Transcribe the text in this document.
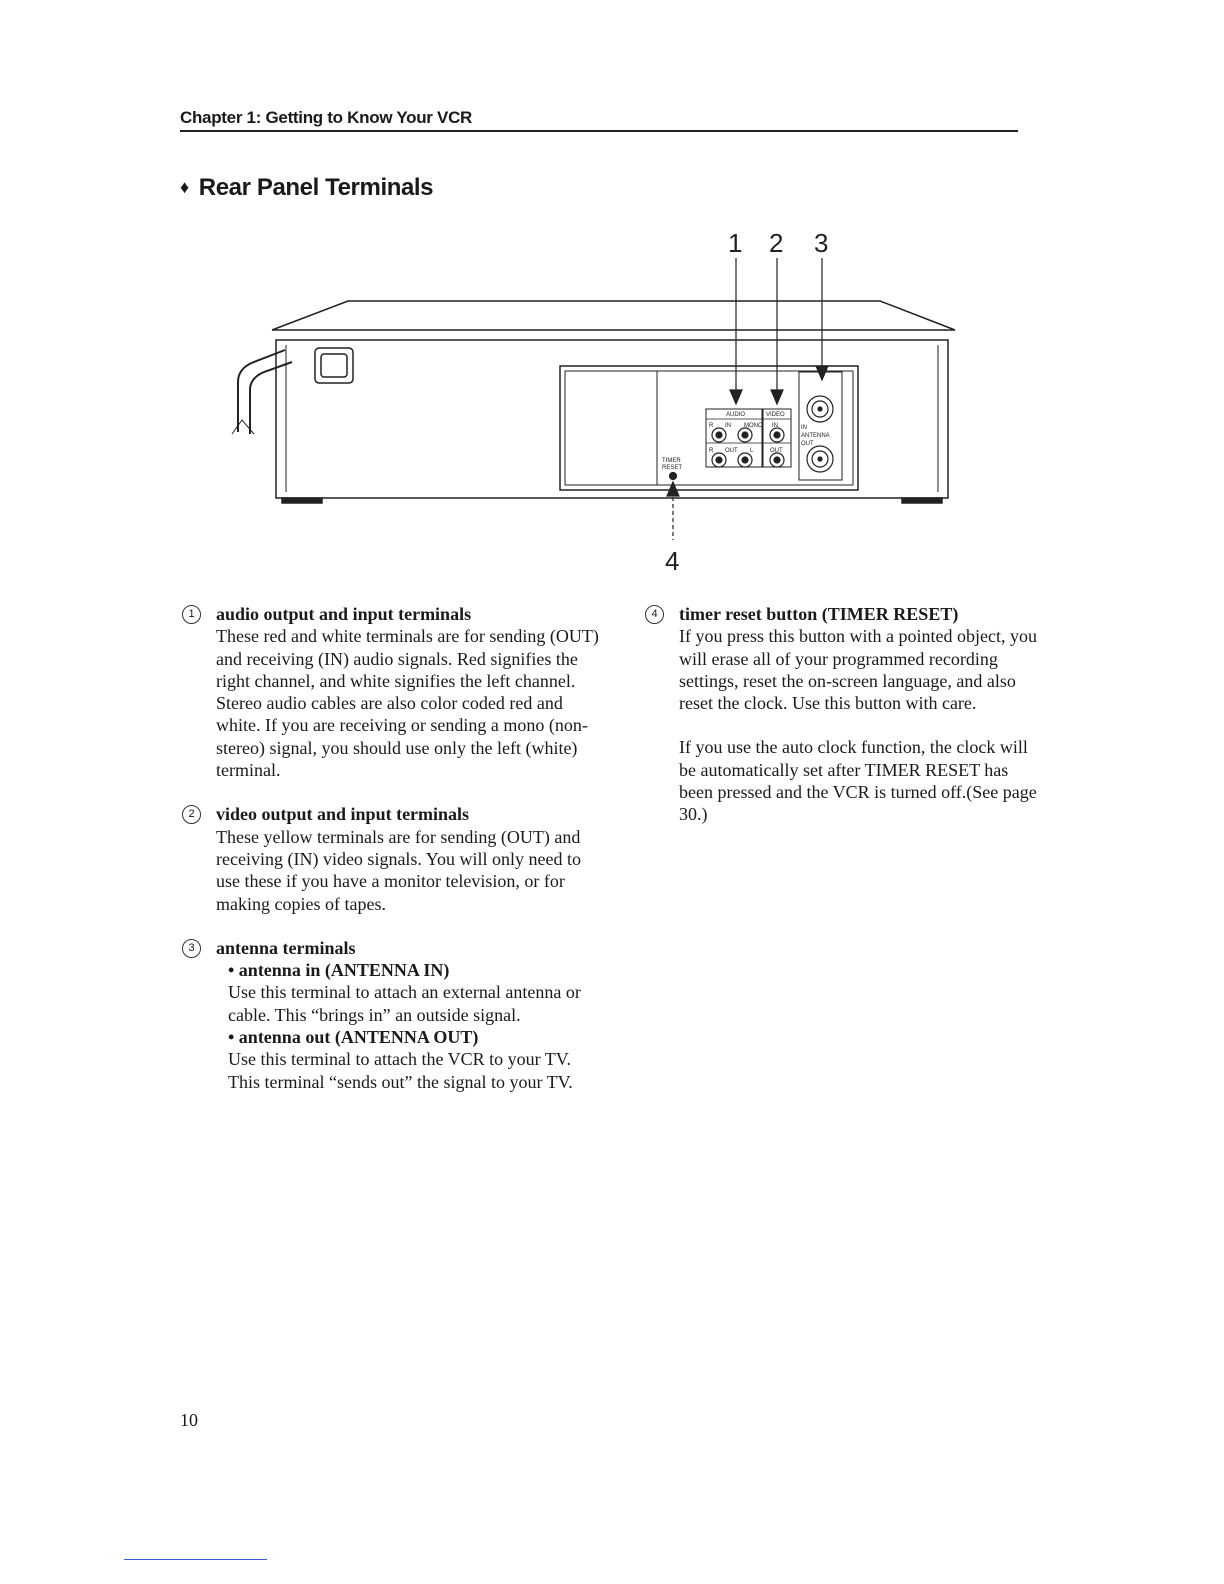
Chapter 1: Getting to Know Your VCR
♦ Rear Panel Terminals
AUDIO	VIDEO
R IN MONO
R OUT L
IN
OUT
IN
ANTENNA
OUT
TIMER
RESET
1 2 3
4
1	audio output and input terminals
These red and white terminals are for sending (OUT) and receiving (IN) audio signals. Red signifies the right channel, and white signifies the left channel. Stereo audio cables are also color coded red and white. If you are receiving or sending a mono (non-stereo) signal, you should use only the left (white) terminal.
2	video output and input terminals
These yellow terminals are for sending (OUT) and receiving (IN) video signals. You will only need to use these if you have a monitor television, or for making copies of tapes.
3	antenna terminals
• antenna in (ANTENNA IN)
Use this terminal to attach an external antenna or cable. This “brings in” an outside signal.
• antenna out (ANTENNA OUT)
Use this terminal to attach the VCR to your TV. This terminal “sends out” the signal to your TV.
4	timer reset button (TIMER RESET)
If you press this button with a pointed object, you will erase all of your programmed recording settings, reset the on-screen language, and also reset the clock. Use this button with care.
If you use the auto clock function, the clock will be automatically set after TIMER RESET has been pressed and the VCR is turned off.(See page 30.)
10
